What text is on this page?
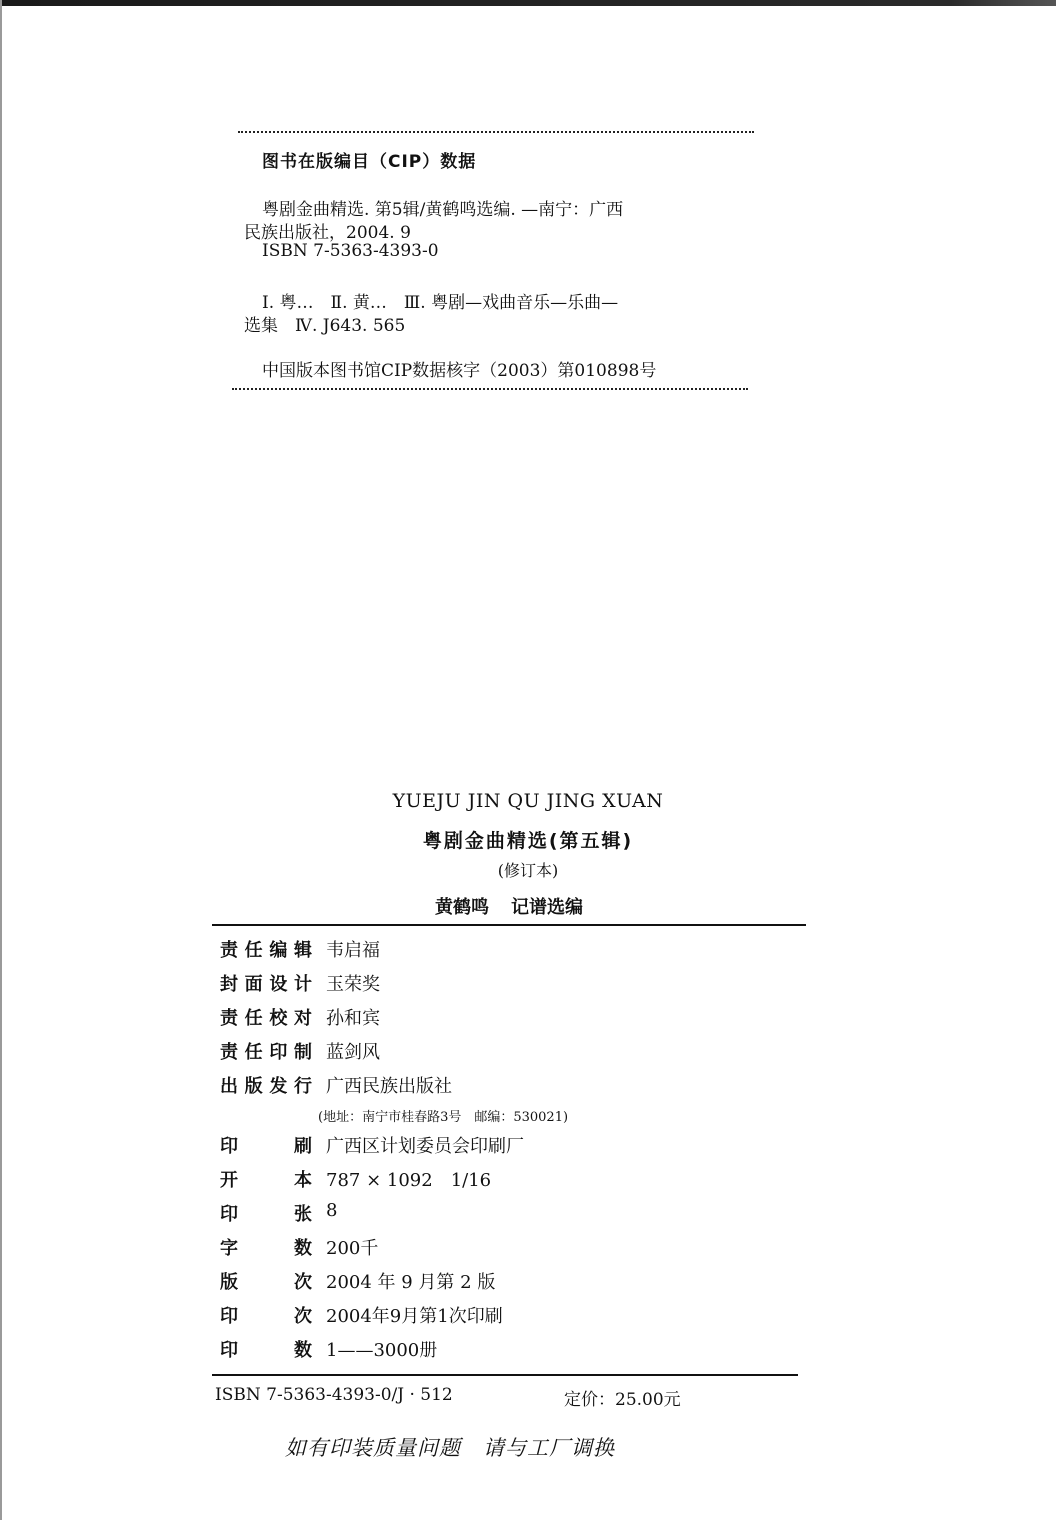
图书在版编目（CIP）数据
粤剧金曲精选. 第5辑/黄鹤鸣选编. —南宁：广西
民族出版社，2004. 9
ISBN 7-5363-4393-0
Ⅰ. 粤…　Ⅱ. 黄…　Ⅲ. 粤剧—戏曲音乐—乐曲—
选集　Ⅳ. J643. 565
中国版本图书馆CIP数据核字（2003）第010898号
YUEJU JIN QU JING XUAN
粤剧金曲精选(第五辑)
(修订本)
黄鹤鸣 记谱选编
责任编辑 韦启福
封面设计 玉荣奖
责任校对 孙和宾
责任印制 蓝剑风
出版发行 广西民族出版社
(地址：南宁市桂春路3号　邮编：530021)
印刷 广西区计划委员会印刷厂
开本 787 × 1092　1/16
印张 8
字数 200千
版次 2004 年 9 月第 2 版
印次 2004年9月第1次印刷
印数 1——3000册
ISBN 7-5363-4393-0/J · 512	定价：25.00元
如有印装质量问题　请与工厂调换
